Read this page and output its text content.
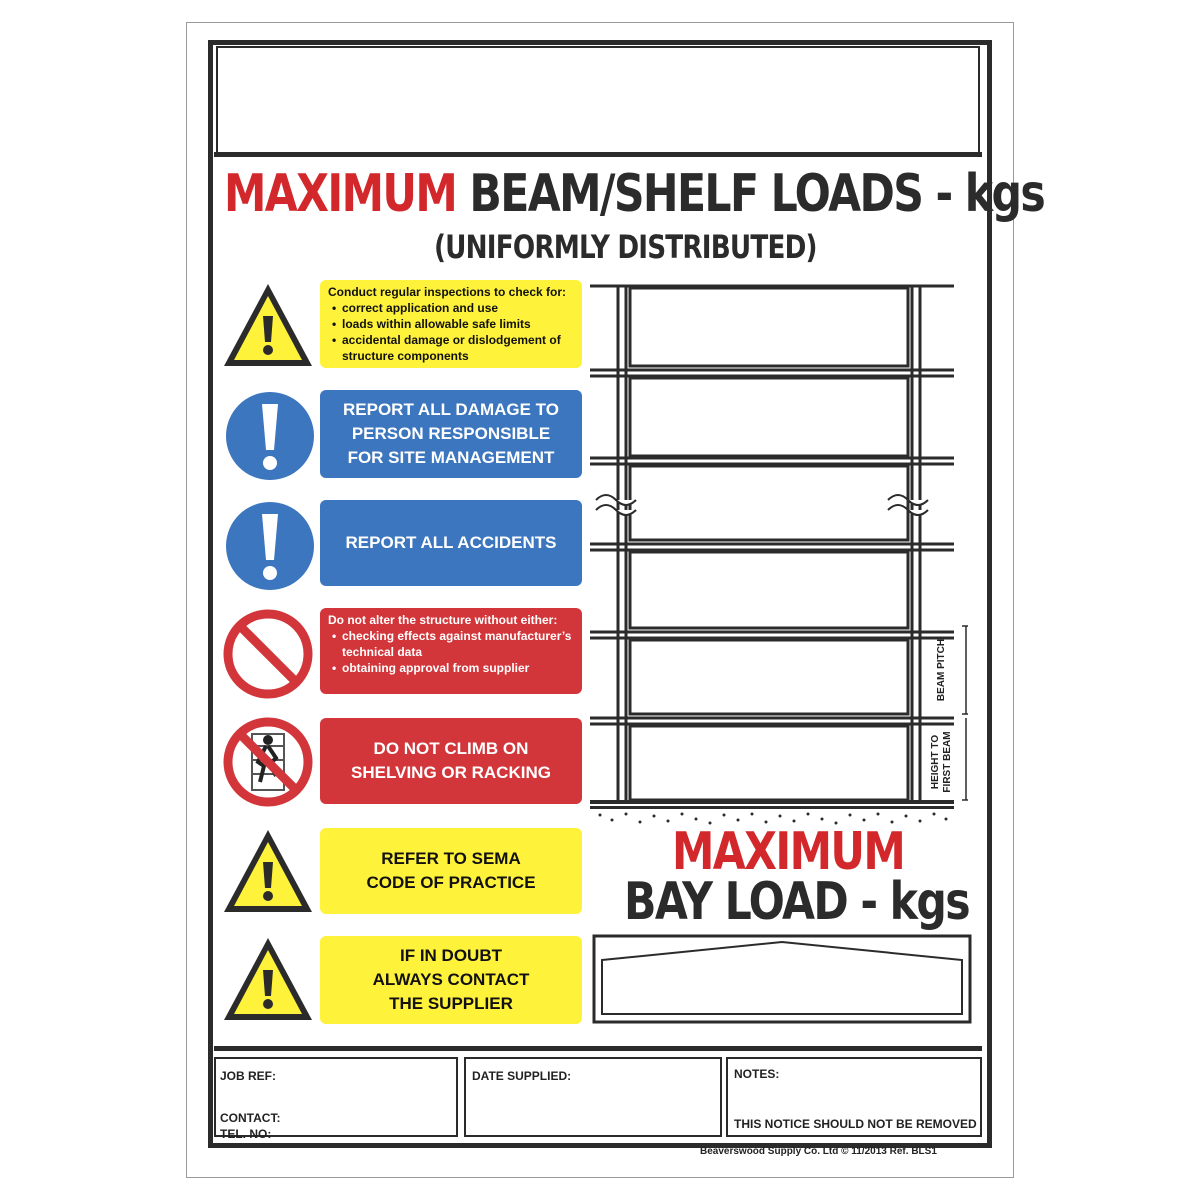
MAXIMUM BEAM/SHELF LOADS - kgs
(UNIFORMLY DISTRIBUTED)
Conduct regular inspections to check for:
• correct application and use
• loads within allowable safe limits
• accidental damage or dislodgement of structure components
REPORT ALL DAMAGE TO
PERSON RESPONSIBLE
FOR SITE MANAGEMENT
REPORT ALL ACCIDENTS
Do not alter the structure without either:
• checking effects against manufacturer’s technical data
• obtaining approval from supplier
DO NOT CLIMB ON
SHELVING OR RACKING
REFER TO SEMA
CODE OF PRACTICE
IF IN DOUBT
ALWAYS CONTACT
THE SUPPLIER
BEAM PITCH
HEIGHT TO FIRST BEAM
MAXIMUM
BAY LOAD - kgs
JOB REF:
CONTACT:
TEL. NO:
DATE SUPPLIED:	NOTES:
THIS NOTICE SHOULD NOT BE REMOVED
Beaverswood Supply Co. Ltd © 11/2013 Ref. BLS1
